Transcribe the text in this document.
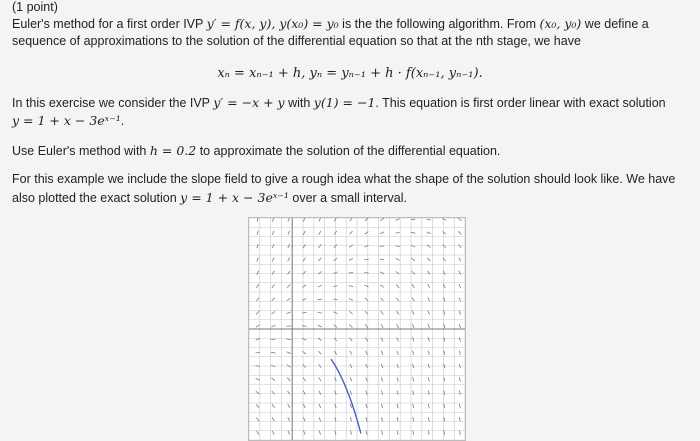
(1 point)
Euler's method for a first order IVP y′ = f(x, y), y(x₀) = y₀ is the the following algorithm. From (x₀, y₀) we define a
sequence of approximations to the solution of the differential equation so that at the nth stage, we have
xₙ = xₙ₋₁ + h, yₙ = yₙ₋₁ + h · f(xₙ₋₁, yₙ₋₁).
In this exercise we consider the IVP y′ = −x + y with y(1) = −1. This equation is first order linear with exact solution
y = 1 + x − 3eˣ⁻¹.
Use Euler's method with h = 0.2 to approximate the solution of the differential equation.
For this example we include the slope field to give a rough idea what the shape of the solution should look like. We have
also plotted the exact solution y = 1 + x − 3eˣ⁻¹ over a small interval.
